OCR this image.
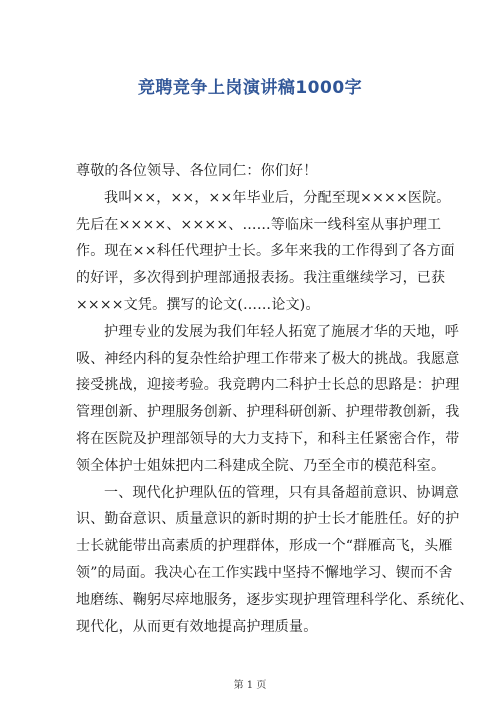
竞聘竞争上岗演讲稿1000字
尊敬的各位领导、各位同仁：你们好！
我叫××，××，××年毕业后，分配至现××××医院。
先后在××××、××××、……等临床一线科室从事护理工
作。现在××科任代理护士长。多年来我的工作得到了各方面
的好评，多次得到护理部通报表扬。我注重继续学习，已获
××××文凭。撰写的论文(……论文)。
护理专业的发展为我们年轻人拓宽了施展才华的天地，呼
吸、神经内科的复杂性给护理工作带来了极大的挑战。我愿意
接受挑战，迎接考验。我竞聘内二科护士长总的思路是：护理
管理创新、护理服务创新、护理科研创新、护理带教创新，我
将在医院及护理部领导的大力支持下，和科主任紧密合作，带
领全体护士姐妹把内二科建成全院、乃至全市的模范科室。
一、现代化护理队伍的管理，只有具备超前意识、协调意
识、勤奋意识、质量意识的新时期的护士长才能胜任。好的护
士长就能带出高素质的护理群体，形成一个“群雁高飞，头雁
领”的局面。我决心在工作实践中坚持不懈地学习、锲而不舍
地磨练、鞠躬尽瘁地服务，逐步实现护理管理科学化、系统化、
现代化，从而更有效地提高护理质量。
第 1 页
